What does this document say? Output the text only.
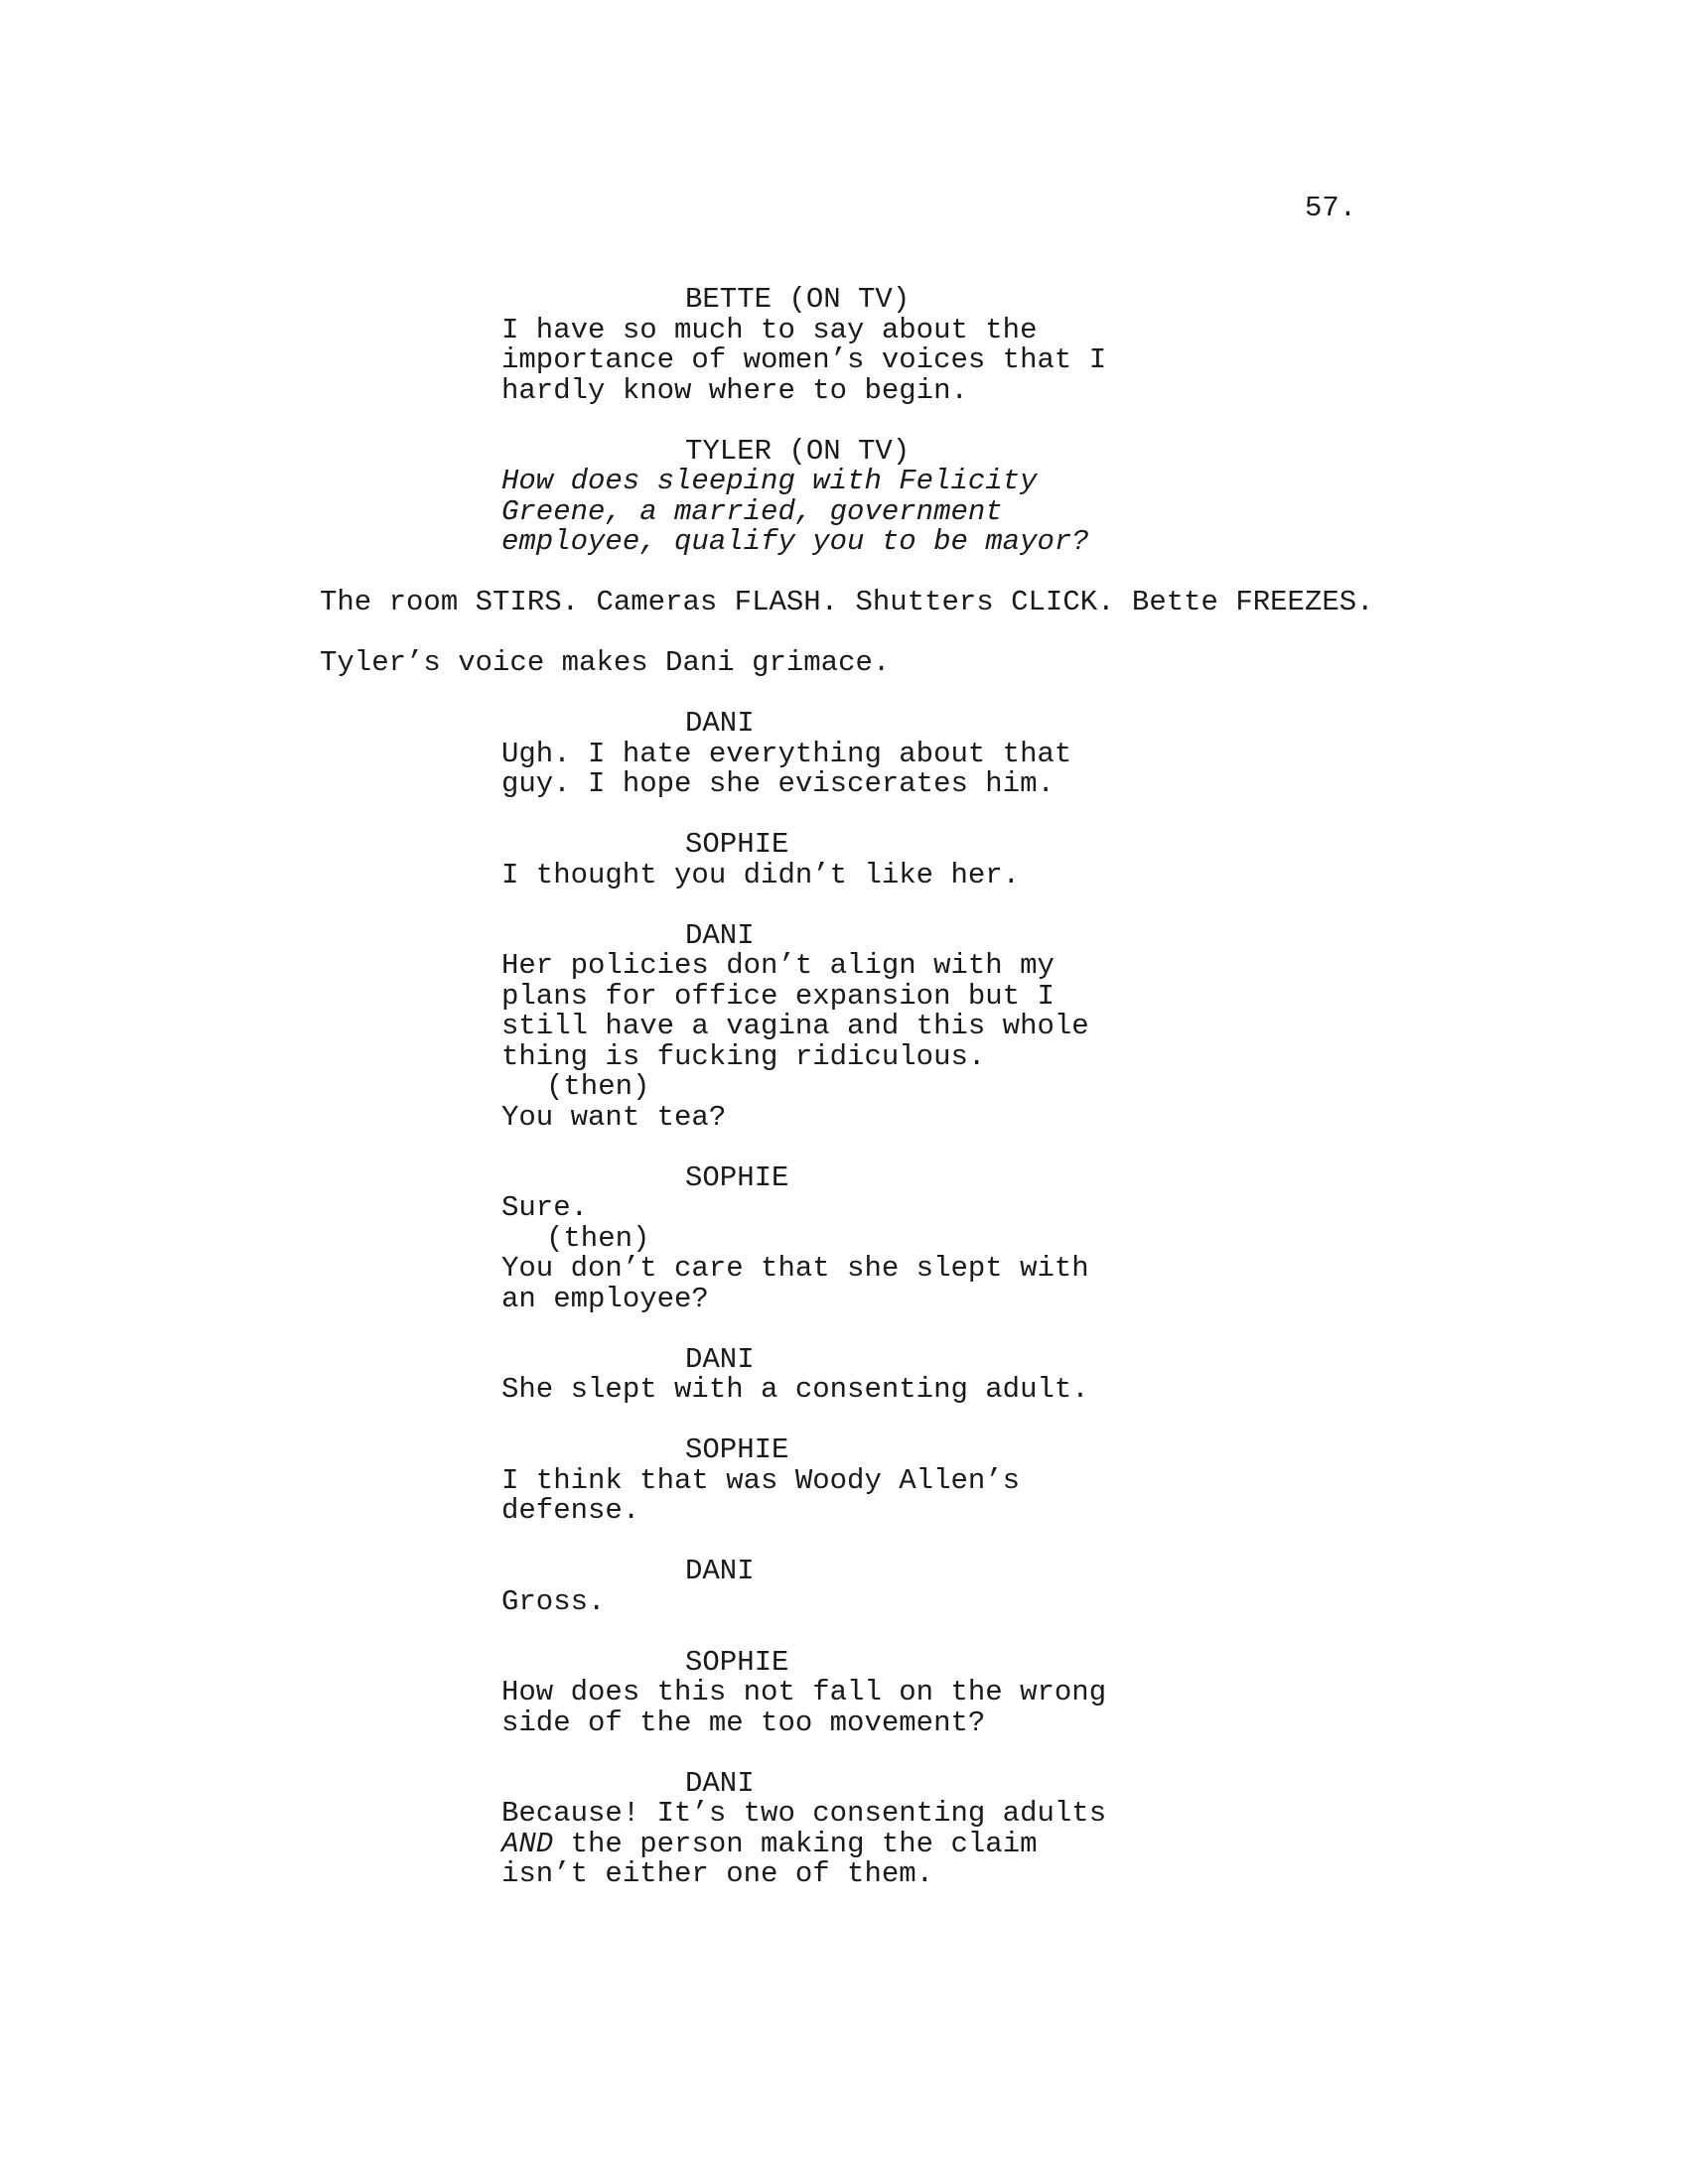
57.
BETTE (ON TV)
I have so much to say about the
importance of women’s voices that I
hardly know where to begin.
TYLER (ON TV)
How does sleeping with Felicity
Greene, a married, government
employee, qualify you to be mayor?
The room STIRS. Cameras FLASH. Shutters CLICK. Bette FREEZES.
Tyler’s voice makes Dani grimace.
DANI
Ugh. I hate everything about that
guy. I hope she eviscerates him.
SOPHIE
I thought you didn’t like her.
DANI
Her policies don’t align with my
plans for office expansion but I
still have a vagina and this whole
thing is fucking ridiculous.
(then)
You want tea?
SOPHIE
Sure.
(then)
You don’t care that she slept with
an employee?
DANI
She slept with a consenting adult.
SOPHIE
I think that was Woody Allen’s
defense.
DANI
Gross.
SOPHIE
How does this not fall on the wrong
side of the me too movement?
DANI
Because! It’s two consenting adults
AND the person making the claim
isn’t either one of them.
